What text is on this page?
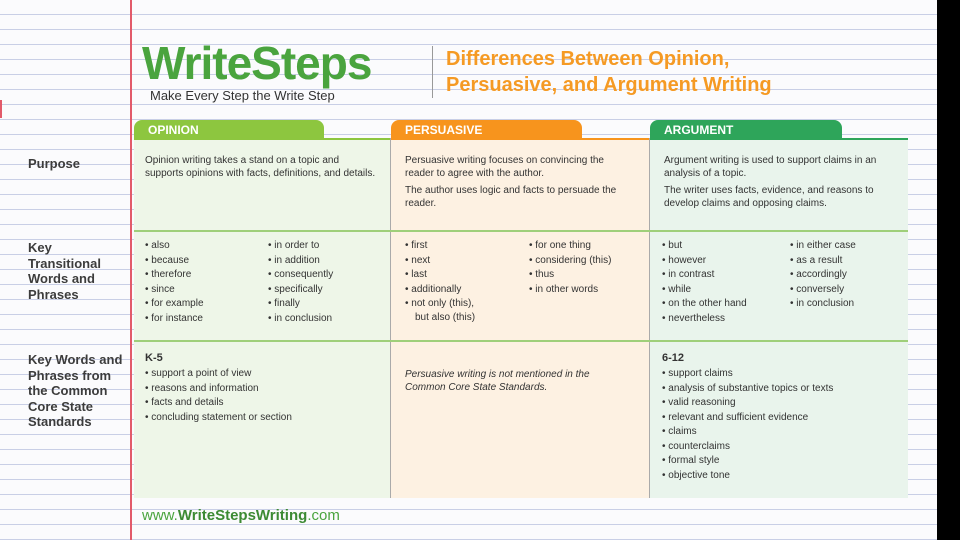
WriteSteps
Make Every Step the Write Step
Differences Between Opinion,
Persuasive, and Argument Writing
OPINION	PERSUASIVE	ARGUMENT
Purpose
Key Transitional Words and Phrases
Key Words and Phrases from the Common Core State Standards

Opinion writing takes a stand on a topic and supports opinions with facts, definitions, and details.

Persuasive writing focuses on convincing the reader to agree with the author.

The author uses logic and facts to persuade the reader.

Argument writing is used to support claims in an analysis of a topic.

The writer uses facts, evidence, and reasons to develop claims and opposing claims.

• also
• because
• therefore
• since
• for example
• for instance
• in order to
• in addition
• consequently
• specifically
• finally
• in conclusion
• first
• next
• last
• additionally
• not only (this),
but also (this)
• for one thing
• considering (this)
• thus
• in other words
• but
• however
• in contrast
• while
• on the other hand
• nevertheless
• in either case
• as a result
• accordingly
• conversely
• in conclusion
K-5
• support a point of view
• reasons and information
• facts and details
• concluding statement or section
Persuasive writing is not mentioned in the Common Core State Standards.
6-12
• support claims
• analysis of substantive topics or texts
• valid reasoning
• relevant and sufficient evidence
• claims
• counterclaims
• formal style
• objective tone
www.WriteStepsWriting.com
